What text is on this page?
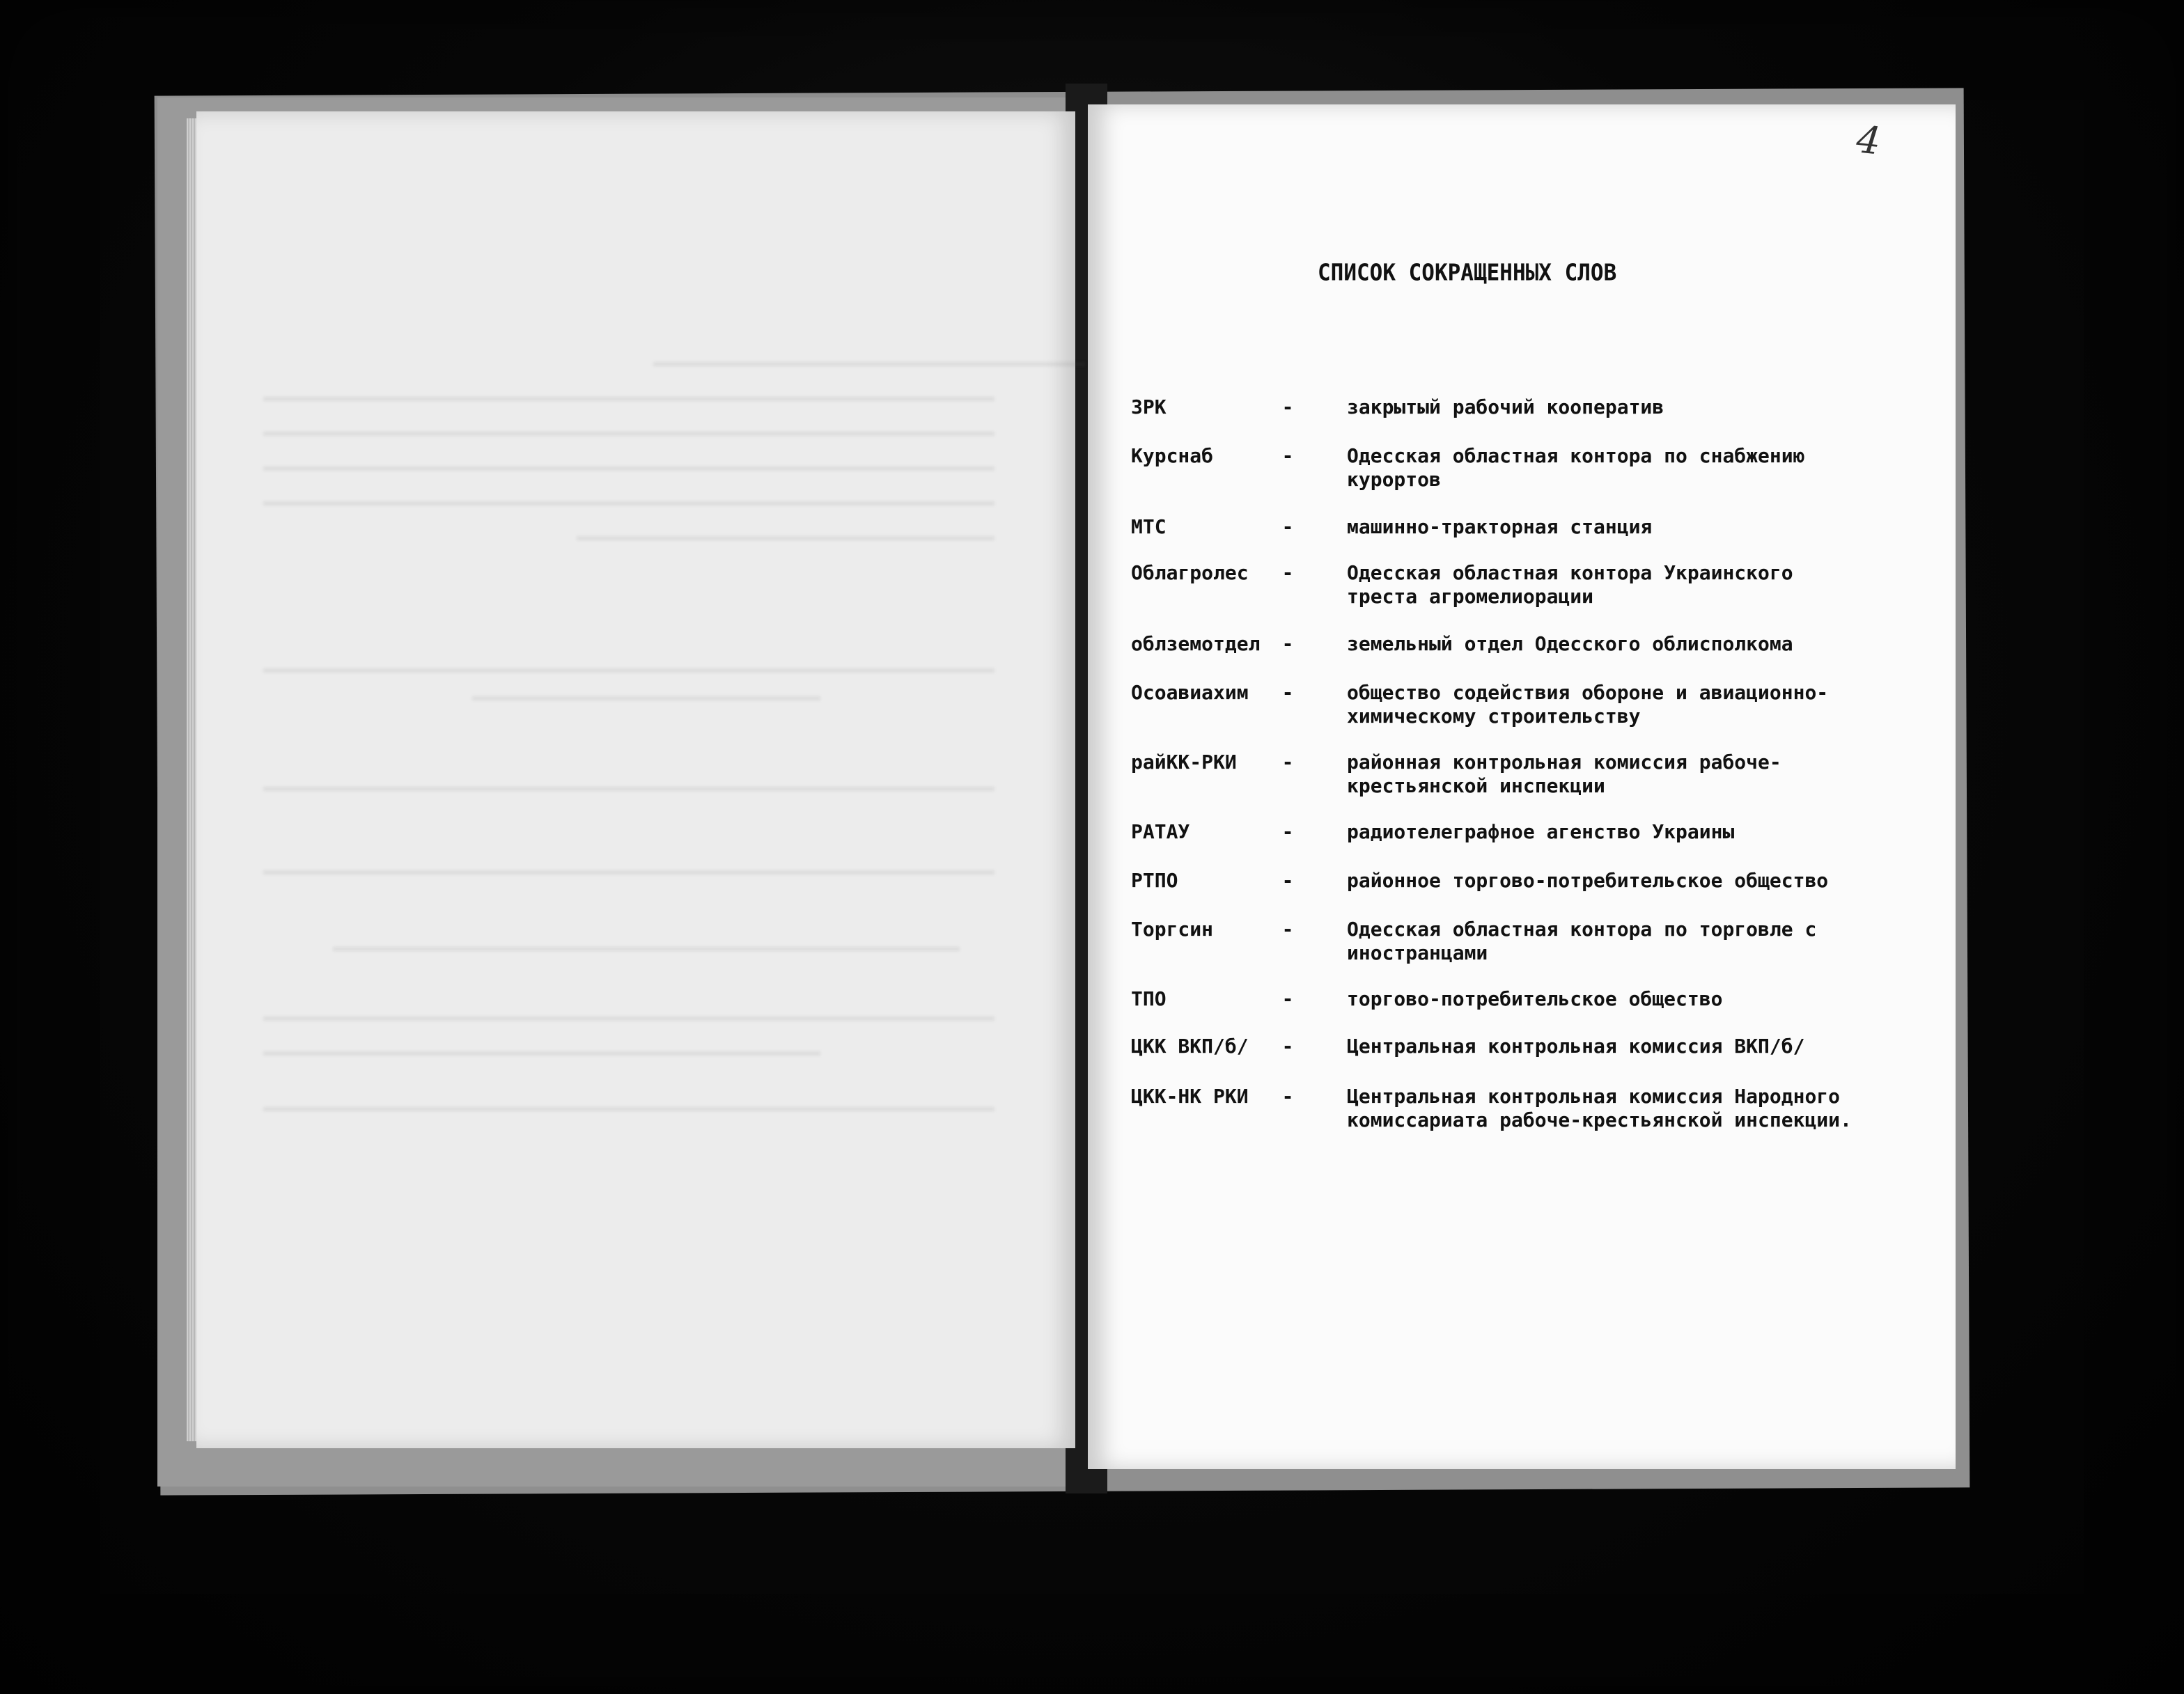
4
СПИСОК СОКРАЩЕННЫХ СЛОВ
ЗРК	-	закрытый рабочий кооператив
Курснаб	-	Одесская областная контора по снабжению
курортов
МТС	-	машинно-тракторная станция
Облагролес	-	Одесская областная контора Украинского
треста агромелиорации
облземотдел	-	земельный отдел Одесского облисполкома
Осоавиахим	-	общество содействия обороне и авиационно-
химическому строительству
райКК-РКИ	-	районная контрольная комиссия рабоче-
крестьянской инспекции
РАТАУ	-	радиотелеграфное агенство Украины
РТПО	-	районное торгово-потребительское общество
Торгсин	-	Одесская областная контора по торговле с
иностранцами
ТПО	-	торгово-потребительское общество
ЦКК ВКП/б/	-	Центральная контрольная комиссия ВКП/б/
ЦКК-НК РКИ	-	Центральная контрольная комиссия Народного
комиссариата рабоче-крестьянской инспекции.
